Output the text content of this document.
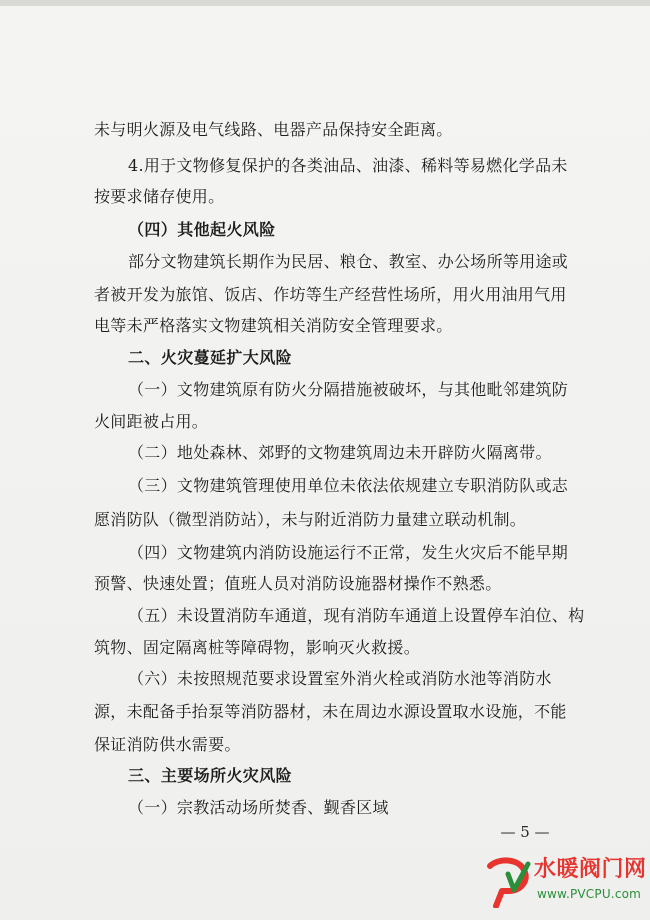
未与明火源及电气线路、电器产品保持安全距离。
4.用于文物修复保护的各类油品、油漆、稀料等易燃化学品未
按要求储存使用。
（四）其他起火风险
部分文物建筑长期作为民居、粮仓、教室、办公场所等用途或
者被开发为旅馆、饭店、作坊等生产经营性场所，用火用油用气用
电等未严格落实文物建筑相关消防安全管理要求。
二、火灾蔓延扩大风险
（一）文物建筑原有防火分隔措施被破坏，与其他毗邻建筑防
火间距被占用。
（二）地处森林、郊野的文物建筑周边未开辟防火隔离带。
（三）文物建筑管理使用单位未依法依规建立专职消防队或志
愿消防队（微型消防站），未与附近消防力量建立联动机制。
（四）文物建筑内消防设施运行不正常，发生火灾后不能早期
预警、快速处置；值班人员对消防设施器材操作不熟悉。
（五）未设置消防车通道，现有消防车通道上设置停车泊位、构
筑物、固定隔离桩等障碍物，影响灭火救援。
（六）未按照规范要求设置室外消火栓或消防水池等消防水
源，未配备手抬泵等消防器材，未在周边水源设置取水设施，不能
保证消防供水需要。
三、主要场所火灾风险
（一）宗教活动场所焚香、觐香区域
— 5 —
水暖阀门网
www.PVCPU.com
